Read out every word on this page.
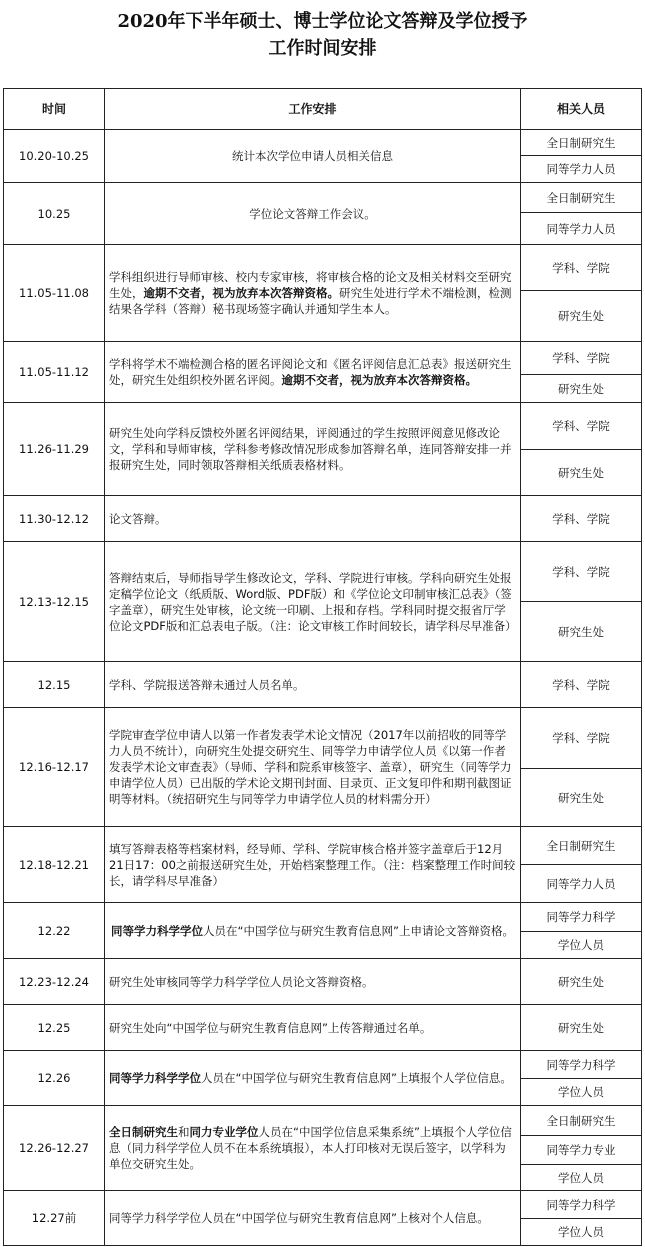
2020年下半年硕士、博士学位论文答辩及学位授予
工作时间安排
时间	工作安排	相关人员
10.20-10.25	统计本次学位申请人员相关信息	全日制研究生
		同等学力人员
10.25	学位论文答辩工作会议。	全日制研究生
		同等学力人员
11.05-11.08	学科组织进行导师审核、校内专家审核，将审核合格的论文及相关材料交至研究生处，逾期不交者，视为放弃本次答辩资格。研究生处进行学术不端检测，检测结果各学科（答辩）秘书现场签字确认并通知学生本人。	学科、学院
		研究生处
11.05-11.12	学科将学术不端检测合格的匿名评阅论文和《匿名评阅信息汇总表》报送研究生处，研究生处组织校外匿名评阅。逾期不交者，视为放弃本次答辩资格。	学科、学院
		研究生处
11.26-11.29	研究生处向学科反馈校外匿名评阅结果，评阅通过的学生按照评阅意见修改论文，学科和导师审核，学科参考修改情况形成参加答辩名单，连同答辩安排一并报研究生处，同时领取答辩相关纸质表格材料。	学科、学院
		研究生处
11.30-12.12	论文答辩。	学科、学院
12.13-12.15	答辩结束后，导师指导学生修改论文，学科、学院进行审核。学科向研究生处报定稿学位论文（纸质版、Word版、PDF版）和《学位论文印制审核汇总表》（签字盖章），研究生处审核，论文统一印刷、上报和存档。学科同时提交报省厅学位论文PDF版和汇总表电子版。（注：论文审核工作时间较长，请学科尽早准备）	学科、学院
		研究生处
12.15	学科、学院报送答辩未通过人员名单。	学科、学院
12.16-12.17	学院审查学位申请人以第一作者发表学术论文情况（2017年以前招收的同等学力人员不统计），向研究生处提交研究生、同等学力申请学位人员《以第一作者发表学术论文审查表》（导师、学科和院系审核签字、盖章），研究生（同等学力申请学位人员）已出版的学术论文期刊封面、目录页、正文复印件和期刊截图证明等材料。（统招研究生与同等学力申请学位人员的材料需分开）	学科、学院
		研究生处
12.18-12.21	填写答辩表格等档案材料，经导师、学科、学院审核合格并签字盖章后于12月21日17：00之前报送研究生处，开始档案整理工作。（注：档案整理工作时间较长，请学科尽早准备）	全日制研究生
		同等学力人员
12.22	同等学力科学学位人员在“中国学位与研究生教育信息网”上申请论文答辩资格。	同等学力科学
		学位人员
12.23-12.24	研究生处审核同等学力科学学位人员论文答辩资格。	研究生处
12.25	研究生处向“中国学位与研究生教育信息网”上传答辩通过名单。	研究生处
12.26	同等学力科学学位人员在“中国学位与研究生教育信息网”上填报个人学位信息。	同等学力科学
		学位人员
12.26-12.27	全日制研究生和同力专业学位人员在“中国学位信息采集系统”上填报个人学位信息（同力科学学位人员不在本系统填报），本人打印核对无误后签字，以学科为单位交研究生处。	全日制研究生
		同等学力专业
		学位人员
12.27前	同等学力科学学位人员在“中国学位与研究生教育信息网”上核对个人信息。	同等学力科学
		学位人员
